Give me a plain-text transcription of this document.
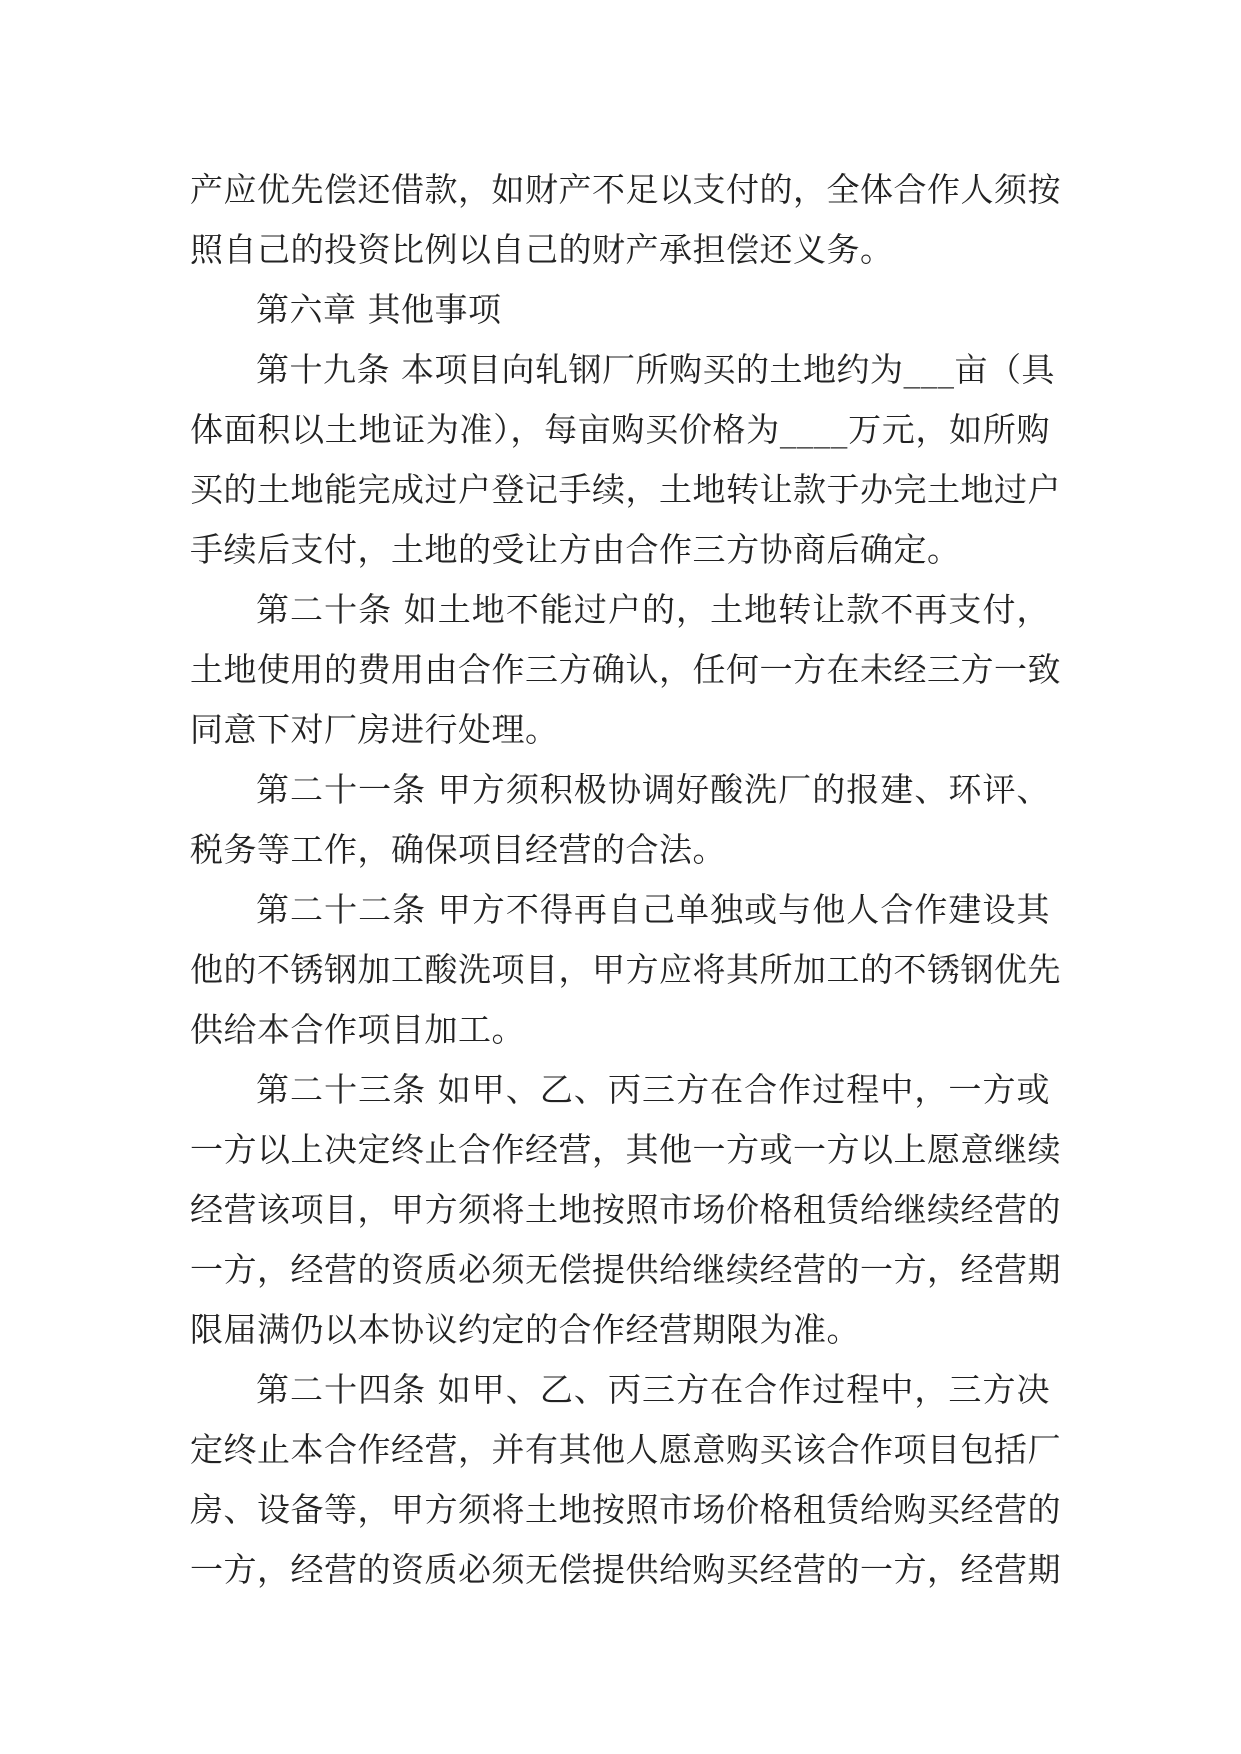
产应优先偿还借款，如财产不足以支付的，全体合作人须按
照自己的投资比例以自己的财产承担偿还义务。
第六章 其他事项
第十九条 本项目向轧钢厂所购买的土地约为___亩（具
体面积以土地证为准），每亩购买价格为____万元，如所购
买的土地能完成过户登记手续，土地转让款于办完土地过户
手续后支付，土地的受让方由合作三方协商后确定。
第二十条 如土地不能过户的，土地转让款不再支付，
土地使用的费用由合作三方确认，任何一方在未经三方一致
同意下对厂房进行处理。
第二十一条 甲方须积极协调好酸洗厂的报建、环评、
税务等工作，确保项目经营的合法。
第二十二条 甲方不得再自己单独或与他人合作建设其
他的不锈钢加工酸洗项目，甲方应将其所加工的不锈钢优先
供给本合作项目加工。
第二十三条 如甲、乙、丙三方在合作过程中，一方或
一方以上决定终止合作经营，其他一方或一方以上愿意继续
经营该项目，甲方须将土地按照市场价格租赁给继续经营的
一方，经营的资质必须无偿提供给继续经营的一方，经营期
限届满仍以本协议约定的合作经营期限为准。
第二十四条 如甲、乙、丙三方在合作过程中，三方决
定终止本合作经营，并有其他人愿意购买该合作项目包括厂
房、设备等，甲方须将土地按照市场价格租赁给购买经营的
一方，经营的资质必须无偿提供给购买经营的一方，经营期
